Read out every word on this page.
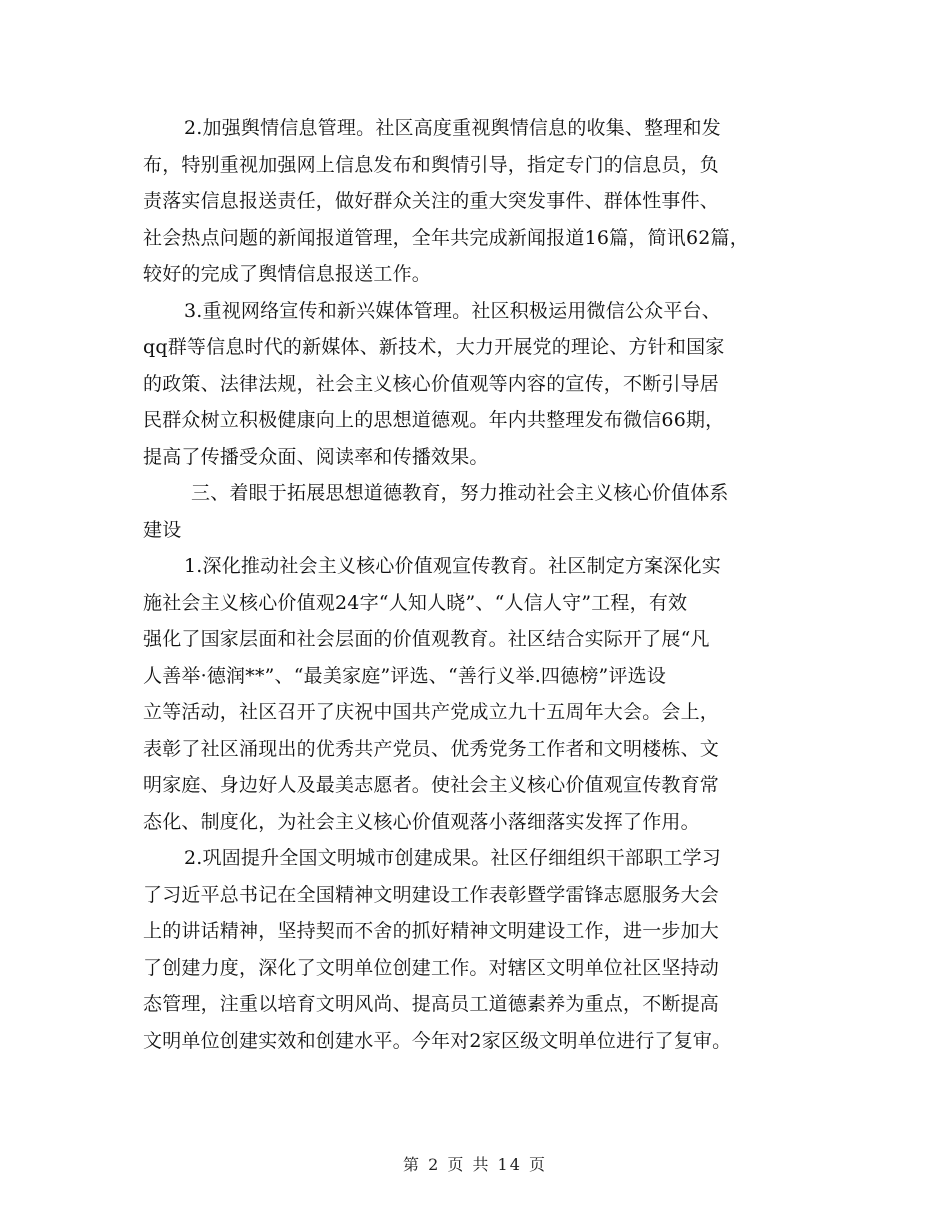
2.加强舆情信息管理。社区高度重视舆情信息的收集、整理和发
布，特别重视加强网上信息发布和舆情引导，指定专门的信息员，负
责落实信息报送责任，做好群众关注的重大突发事件、群体性事件、
社会热点问题的新闻报道管理，全年共完成新闻报道16篇，简讯62篇，
较好的完成了舆情信息报送工作。
3.重视网络宣传和新兴媒体管理。社区积极运用微信公众平台、
qq群等信息时代的新媒体、新技术，大力开展党的理论、方针和国家
的政策、法律法规，社会主义核心价值观等内容的宣传，不断引导居
民群众树立积极健康向上的思想道德观。年内共整理发布微信66期，
提高了传播受众面、阅读率和传播效果。
三、着眼于拓展思想道德教育，努力推动社会主义核心价值体系
建设
1.深化推动社会主义核心价值观宣传教育。社区制定方案深化实
施社会主义核心价值观24字“人知人晓”、“人信人守”工程，有效
强化了国家层面和社会层面的价值观教育。社区结合实际开了展“凡
人善举·德润**”、“最美家庭”评选、“善行义举.四德榜”评选设
立等活动，社区召开了庆祝中国共产党成立九十五周年大会。会上，
表彰了社区涌现出的优秀共产党员、优秀党务工作者和文明楼栋、文
明家庭、身边好人及最美志愿者。使社会主义核心价值观宣传教育常
态化、制度化，为社会主义核心价值观落小落细落实发挥了作用。
2.巩固提升全国文明城市创建成果。社区仔细组织干部职工学习
了习近平总书记在全国精神文明建设工作表彰暨学雷锋志愿服务大会
上的讲话精神，坚持契而不舍的抓好精神文明建设工作，进一步加大
了创建力度，深化了文明单位创建工作。对辖区文明单位社区坚持动
态管理，注重以培育文明风尚、提高员工道德素养为重点，不断提高
文明单位创建实效和创建水平。今年对2家区级文明单位进行了复审。
第 2 页 共 14 页
